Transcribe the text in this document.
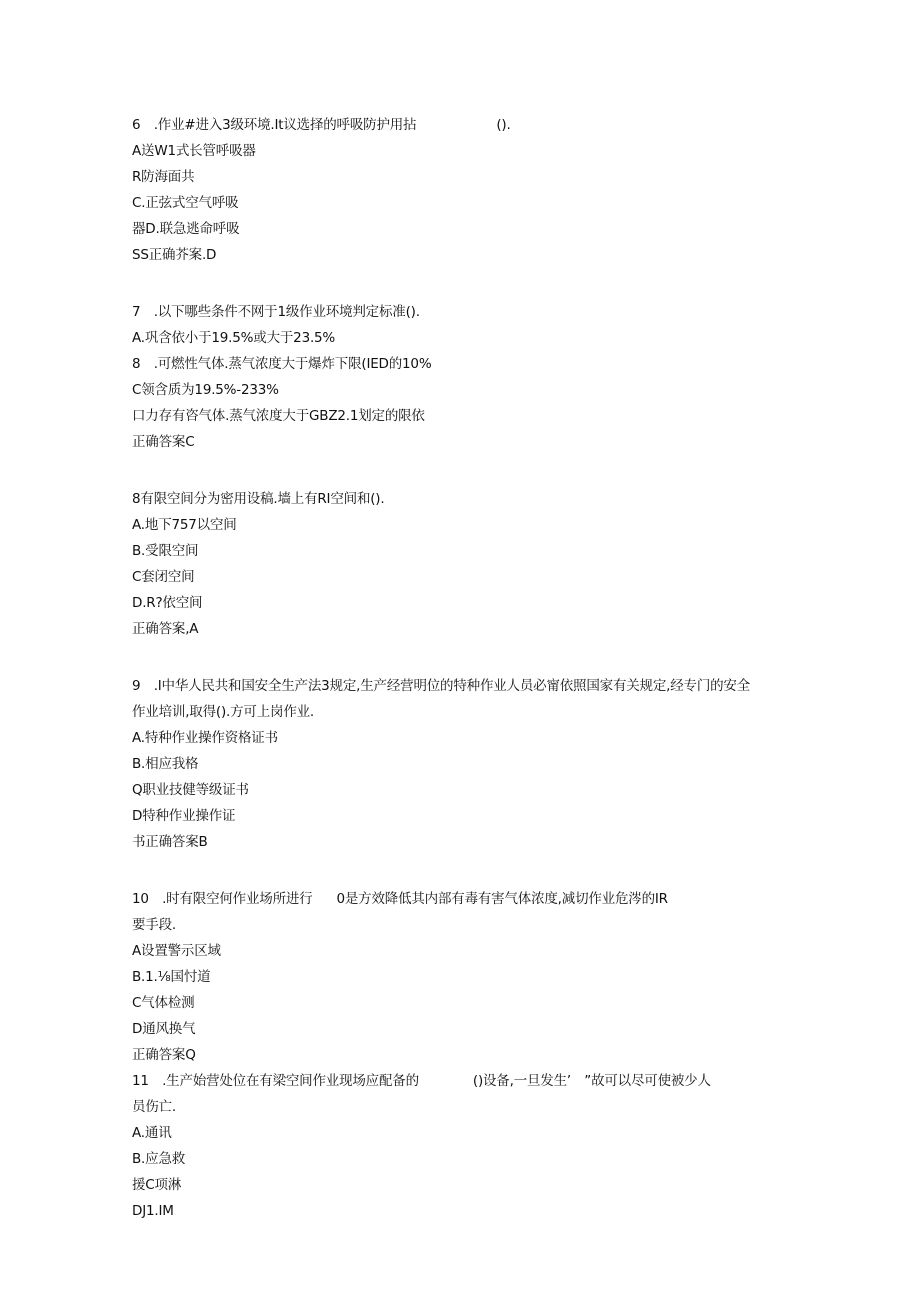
6　.作业#进入3级环境.It议选择的呼吸防护用拈	().
A送W1式长管呼吸器
R防海面共
C.正弦式空气呼吸
器D.联急逃命呼吸
SS正确芥案.D
7　.以下哪些条件不网于1级作业环境判定标准().
A.巩含依小于19.5%或大于23.5%
8　.可燃性气体.蒸气浓度大于爆炸下限(IED的10%
C领含质为19.5%-233%
口力存有咨气体.蒸气浓度大于GBZ2.1划定的限依
正确答案C
8有限空间分为密用设稿.墙上有RI空间和().
A.地下757以空间
B.受限空间
C套闭空间
D.R?依空间
正确答案,A
9　.I中华人民共和国安全生产法3规定,生产经营明位的特种作业人员必甯依照国家有关规定,经专门的安全
作业培训,取得().方可上岗作业.
A.特种作业操作资格证书
B.相应我格
Q职业技健等级证书
D特种作业操作证
书正确答案B
10　.时有限空何作业场所进行 0是方效降低其内部有毒有害气体浓度,减切作业危涔的IR
要手段.
A设置警示区域
B.1.⅛国忖道
C气体检测
D通风换气
正确答案Q
11　.生产始营处位在有梁空间作业现场应配备的	()设备,一旦发生’　”故可以尽可使被少人
员伤亡.
A.通讯
B.应急救
援C项淋
DJ1.IM
